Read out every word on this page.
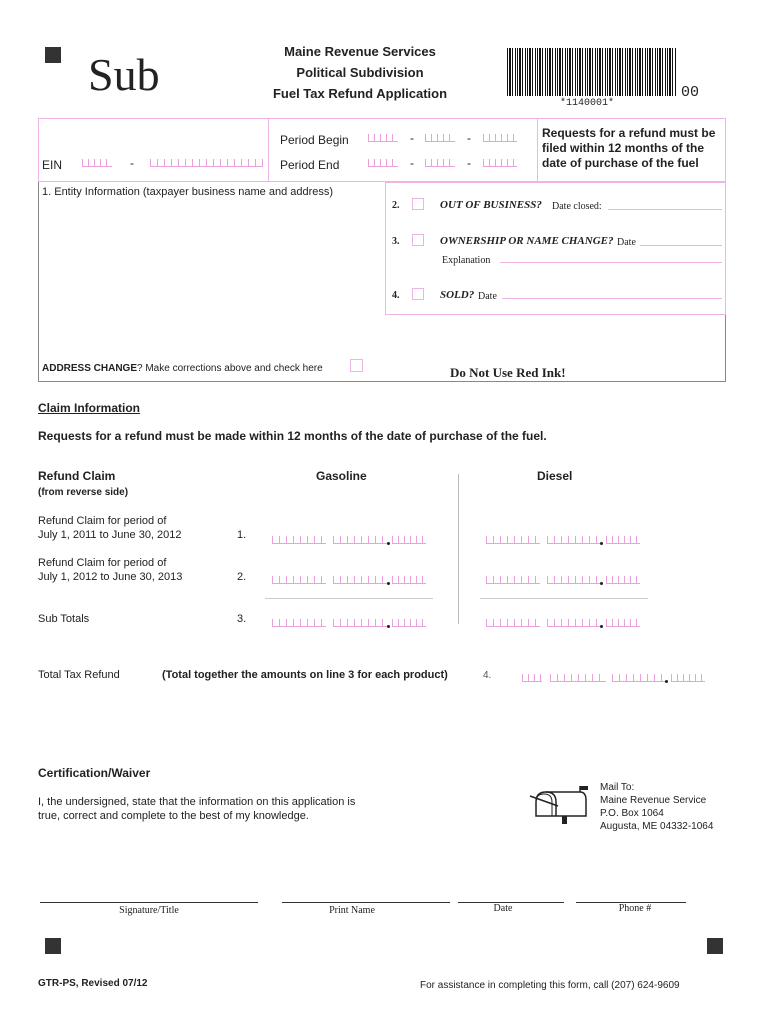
Sub	Maine Revenue Services
Political Subdivision
Fuel Tax Refund Application
*1140001*
00
Period Begin	-	-
EIN	-	Period End	-	-
Requests for a refund must be filed within 12 months of the date of purchase of the fuel
1. Entity Information (taxpayer business name and address)
2.	OUT OF BUSINESS? Date closed:
3.	OWNERSHIP OR NAME CHANGE? Date
Explanation
4.	SOLD? Date
ADDRESS CHANGE? Make corrections above and check here	Do Not Use Red Ink!
Claim Information
Requests for a refund must be made within 12 months of the date of purchase of the fuel.
Refund Claim
(from reverse side)
Gasoline	Diesel
Refund Claim for period of
July 1, 2011 to June 30, 2012	1.
Refund Claim for period of
July 1, 2012 to June 30, 2013	2.
Sub Totals	3.
Total Tax Refund	(Total together the amounts on line 3 for each product)	4.
Certification/Waiver
I, the undersigned, state that the information on this application is
true, correct and complete to the best of my knowledge.
Mail To:
Maine Revenue Service
P.O. Box 1064
Augusta, ME 04332-1064
Signature/Title	Print Name	Date	Phone #
GTR-PS, Revised 07/12	For assistance in completing this form, call (207) 624-9609
